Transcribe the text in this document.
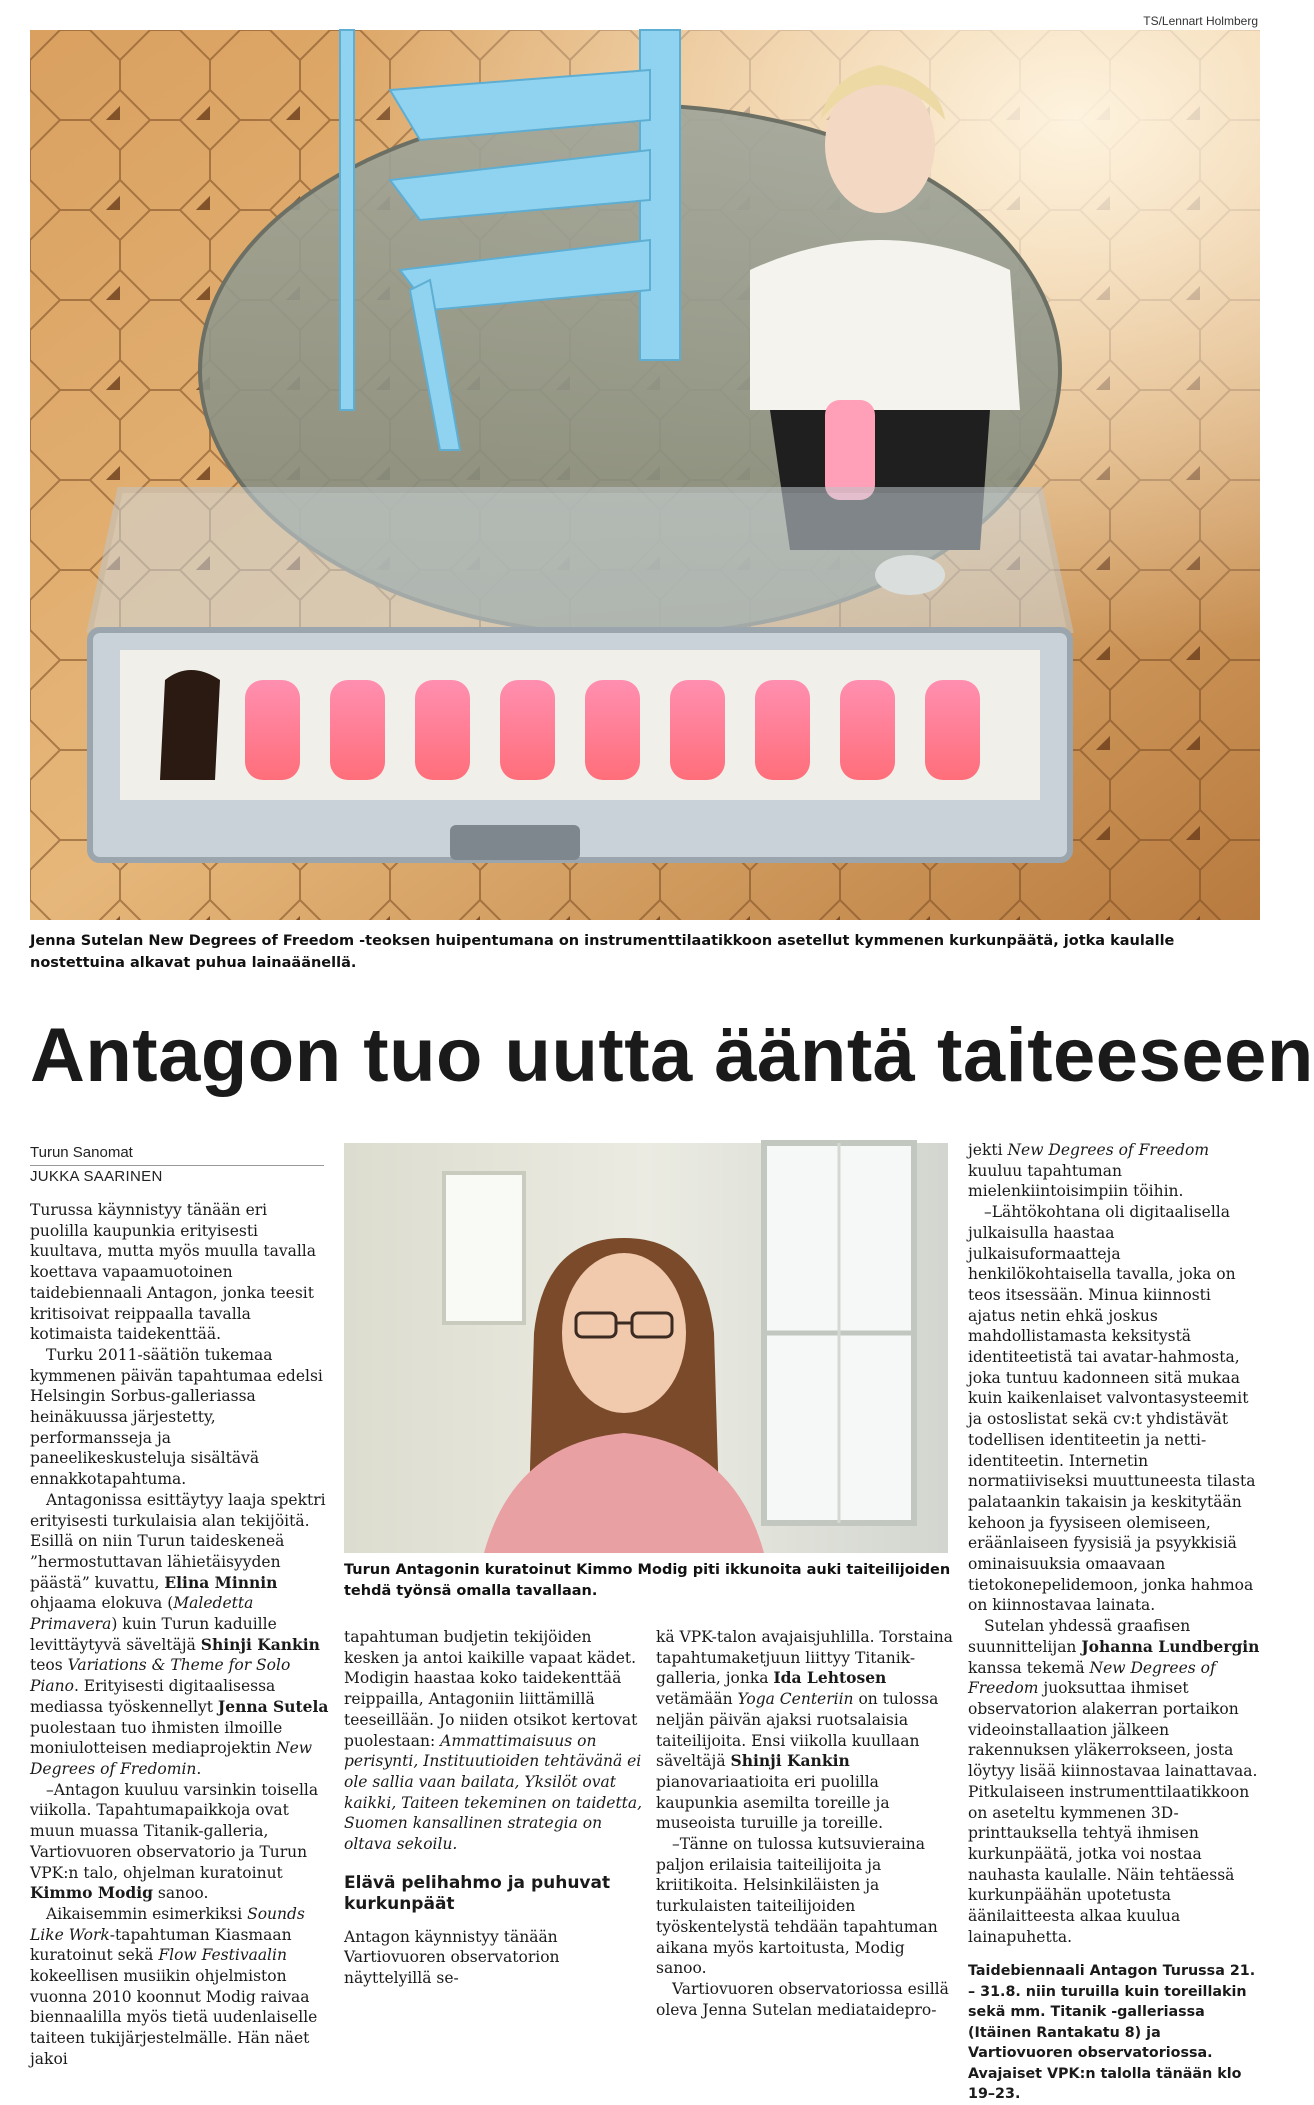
TS/Lennart Holmberg
Jenna Sutelan New Degrees of Freedom -teoksen huipentumana on instrumenttilaatikkoon asetellut kymmenen kurkunpäätä, jotka kaulalle nostettuina alkavat puhua lainaäänellä.
Antagon tuo uutta ääntä taiteeseen
Turun Sanomat
JUKKA SAARINEN

Turussa käynnistyy tänään eri puolilla kaupunkia erityisesti kuultava, mutta myös muulla tavalla koettava vapaamuotoinen taidebiennaali Antagon, jonka teesit kritisoivat reippaalla tavalla kotimaista taidekenttää.

Turku 2011-säätiön tukemaa kymmenen päivän tapahtumaa edelsi Helsingin Sorbus-galleriassa heinäkuussa järjestetty, performansseja ja paneelikeskusteluja sisältävä ennakkotapahtuma.

Antagonissa esittäytyy laaja spektri erityisesti turkulaisia alan tekijöitä. Esillä on niin Turun taideskeneä ”hermostuttavan lähietäisyyden päästä” kuvattu, Elina Minnin ohjaama elokuva (Maledetta Primavera) kuin Turun kaduille levittäytyvä säveltäjä Shinji Kankin teos Variations & Theme for Solo Piano. Erityisesti digitaalisessa mediassa työskennellyt Jenna Sutela puolestaan tuo ihmisten ilmoille moniulotteisen mediaprojektin New Degrees of Fredomin.

–Antagon kuuluu varsinkin toisella viikolla. Tapahtumapaikkoja ovat muun muassa Titanik-galleria, Vartiovuoren observatorio ja Turun VPK:n talo, ohjelman kuratoinut Kimmo Modig sanoo.

Aikaisemmin esimerkiksi Sounds Like Work-tapahtuman Kiasmaan kuratoinut sekä Flow Festivaalin kokeellisen musiikin ohjelmiston vuonna 2010 koonnut Modig raivaa biennaalilla myös tietä uudenlaiselle taiteen tukijärjestelmälle. Hän näet jakoi

Turun Antagonin kuratoinut Kimmo Modig piti ikkunoita auki taiteilijoiden tehdä työnsä omalla tavallaan.

tapahtuman budjetin tekijöiden kesken ja antoi kaikille vapaat kädet. Modigin haastaa koko taidekenttää reippailla, Antagoniin liittämillä teeseillään. Jo niiden otsikot kertovat puolestaan: Ammattimaisuus on perisynti, Instituutioiden tehtävänä ei ole sallia vaan bailata, Yksilöt ovat kaikki, Taiteen tekeminen on taidetta, Suomen kansallinen strategia on oltava sekoilu.

Elävä pelihahmo ja puhuvat kurkunpäät

Antagon käynnistyy tänään Vartiovuoren observatorion näyttelyillä se-

kä VPK-talon avajaisjuhlilla. Torstaina tapahtumaketjuun liittyy Titanik-galleria, jonka Ida Lehtosen vetämään Yoga Centeriin on tulossa neljän päivän ajaksi ruotsalaisia taiteilijoita. Ensi viikolla kuullaan säveltäjä Shinji Kankin pianovariaatioita eri puolilla kaupunkia asemilta toreille ja museoista turuille ja toreille.

–Tänne on tulossa kutsuvieraina paljon erilaisia taiteilijoita ja kriitikoita. Helsinkiläisten ja turkulaisten taiteilijoiden työskentelystä tehdään tapahtuman aikana myös kartoitusta, Modig sanoo.

Vartiovuoren observatoriossa esillä oleva Jenna Sutelan mediataidepro-

jekti New Degrees of Freedom kuuluu tapahtuman mielenkiintoisimpiin töihin.

–Lähtökohtana oli digitaalisella julkaisulla haastaa julkaisuformaatteja henkilökohtaisella tavalla, joka on teos itsessään. Minua kiinnosti ajatus netin ehkä joskus mahdollistamasta keksitystä identiteetistä tai avatar-hahmosta, joka tuntuu kadonneen sitä mukaa kuin kaikenlaiset valvontasysteemit ja ostoslistat sekä cv:t yhdistävät todellisen identiteetin ja netti-identiteetin. Internetin normatiiviseksi muuttuneesta tilasta palataankin takaisin ja keskitytään kehoon ja fyysiseen olemiseen, eräänlaiseen fyysisiä ja psyykkisiä ominaisuuksia omaavaan tietokonepelidemoon, jonka hahmoa on kiinnostavaa lainata.

Sutelan yhdessä graafisen suunnittelijan Johanna Lundbergin kanssa tekemä New Degrees of Freedom juoksuttaa ihmiset observatorion alakerran portaikon videoinstallaation jälkeen rakennuksen yläkerrokseen, josta löytyy lisää kiinnostavaa lainattavaa. Pitkulaiseen instrumenttilaatikkoon on aseteltu kymmenen 3D-printtauksella tehtyä ihmisen kurkunpäätä, jotka voi nostaa nauhasta kaulalle. Näin tehtäessä kurkunpäähän upotetusta äänilaitteesta alkaa kuulua lainapuhetta.

Taidebiennaali Antagon Turussa 21. – 31.8. niin turuilla kuin toreillakin sekä mm. Titanik -galleriassa (Itäinen Rantakatu 8) ja Vartiovuoren observatoriossa. Avajaiset VPK:n talolla tänään klo 19–23.
